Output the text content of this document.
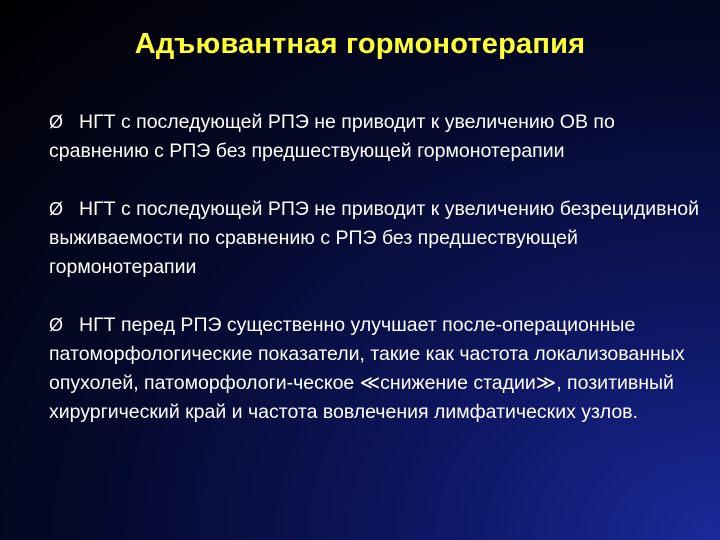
Адъювантная гормонотерапия
Ø НГТ с последующей РПЭ не приводит к увеличению ОВ по сравнению с РПЭ без предшествующей гормонотерапии
Ø НГТ с последующей РПЭ не приводит к увеличению безрецидивной выживаемости по сравнению с РПЭ без предшествующей гормонотерапии
Ø НГТ перед РПЭ существенно улучшает после-операционные патоморфологические показатели, такие как частота локализованных опухолей, патоморфологи-ческое ≪снижение стадии≫, позитивный хирургический край и частота вовлечения лимфатических узлов.
